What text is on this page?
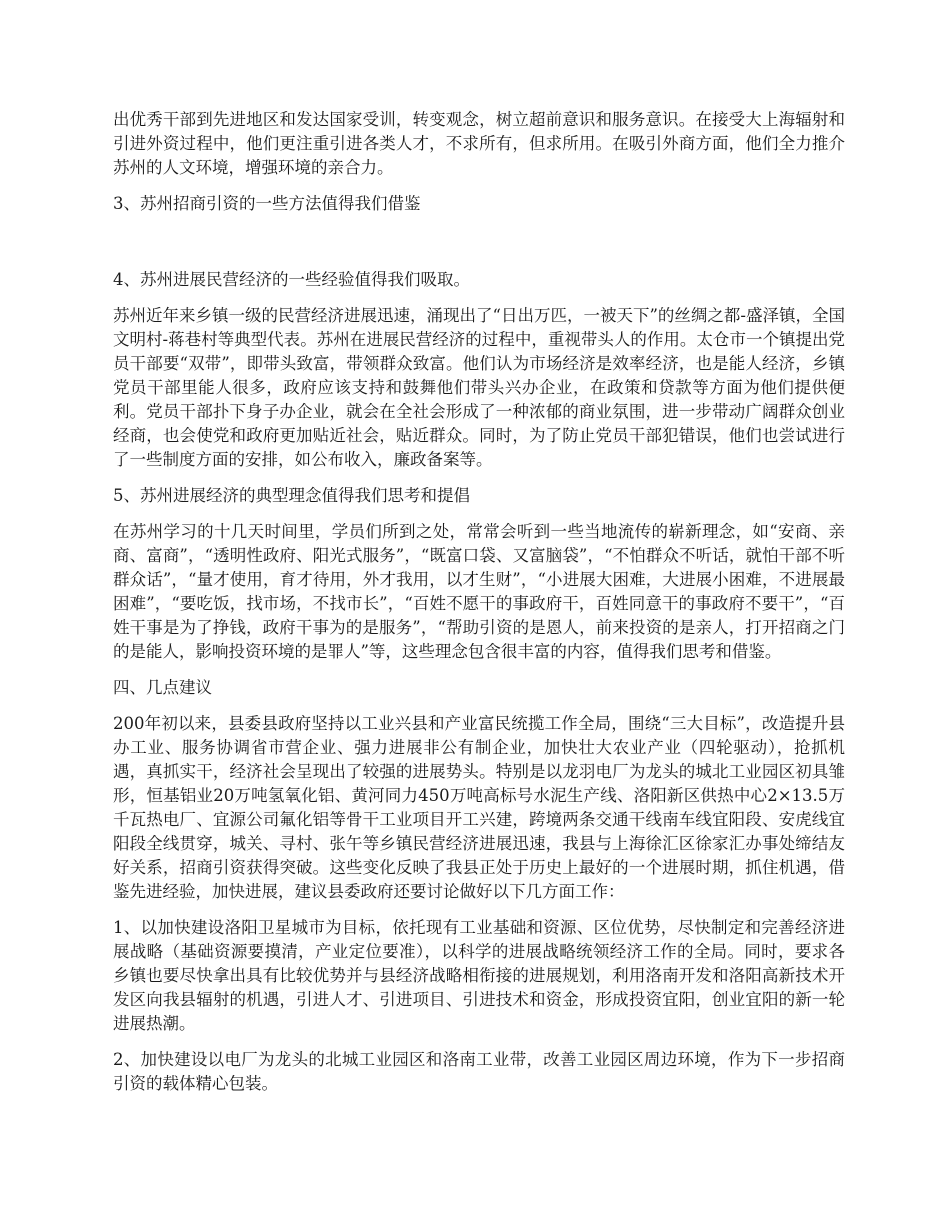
出优秀干部到先进地区和发达国家受训，转变观念，树立超前意识和服务意识。在接受大上海辐射和引进外资过程中，他们更注重引进各类人才，不求所有，但求所用。在吸引外商方面，他们全力推介苏州的人文环境，增强环境的亲合力。

3、苏州招商引资的一些方法值得我们借鉴

4、苏州进展民营经济的一些经验值得我们吸取。

苏州近年来乡镇一级的民营经济进展迅速，涌现出了“日出万匹，一被天下”的丝绸之都-盛泽镇，全国文明村-蒋巷村等典型代表。苏州在进展民营经济的过程中，重视带头人的作用。太仓市一个镇提出党员干部要“双带”，即带头致富，带领群众致富。他们认为市场经济是效率经济，也是能人经济，乡镇党员干部里能人很多，政府应该支持和鼓舞他们带头兴办企业，在政策和贷款等方面为他们提供便利。党员干部扑下身子办企业，就会在全社会形成了一种浓郁的商业氛围，进一步带动广阔群众创业经商，也会使党和政府更加贴近社会，贴近群众。同时，为了防止党员干部犯错误，他们也尝试进行了一些制度方面的安排，如公布收入，廉政备案等。

5、苏州进展经济的典型理念值得我们思考和提倡

在苏州学习的十几天时间里，学员们所到之处，常常会听到一些当地流传的崭新理念，如“安商、亲商、富商”，“透明性政府、阳光式服务”，“既富口袋、又富脑袋”，“不怕群众不听话，就怕干部不听群众话”，“量才使用，育才待用，外才我用，以才生财”，“小进展大困难，大进展小困难，不进展最困难”，“要吃饭，找市场，不找市长”，“百姓不愿干的事政府干，百姓同意干的事政府不要干”，“百姓干事是为了挣钱，政府干事为的是服务”，“帮助引资的是恩人，前来投资的是亲人，打开招商之门的是能人，影响投资环境的是罪人”等，这些理念包含很丰富的内容，值得我们思考和借鉴。

四、几点建议

200年初以来，县委县政府坚持以工业兴县和产业富民统揽工作全局，围绕“三大目标”，改造提升县办工业、服务协调省市营企业、强力进展非公有制企业，加快壮大农业产业（四轮驱动），抢抓机遇，真抓实干，经济社会呈现出了较强的进展势头。特别是以龙羽电厂为龙头的城北工业园区初具雏形，恒基铝业20万吨氢氧化铝、黄河同力450万吨高标号水泥生产线、洛阳新区供热中心2×13.5万千瓦热电厂、宜源公司氟化铝等骨干工业项目开工兴建，跨境两条交通干线南车线宜阳段、安虎线宜阳段全线贯穿，城关、寻村、张午等乡镇民营经济进展迅速，我县与上海徐汇区徐家汇办事处缔结友好关系，招商引资获得突破。这些变化反映了我县正处于历史上最好的一个进展时期，抓住机遇，借鉴先进经验，加快进展，建议县委政府还要讨论做好以下几方面工作：

1、以加快建设洛阳卫星城市为目标，依托现有工业基础和资源、区位优势，尽快制定和完善经济进展战略（基础资源要摸清，产业定位要准），以科学的进展战略统领经济工作的全局。同时，要求各乡镇也要尽快拿出具有比较优势并与县经济战略相衔接的进展规划，利用洛南开发和洛阳高新技术开发区向我县辐射的机遇，引进人才、引进项目、引进技术和资金，形成投资宜阳，创业宜阳的新一轮进展热潮。

2、加快建设以电厂为龙头的北城工业园区和洛南工业带，改善工业园区周边环境，作为下一步招商引资的载体精心包装。
